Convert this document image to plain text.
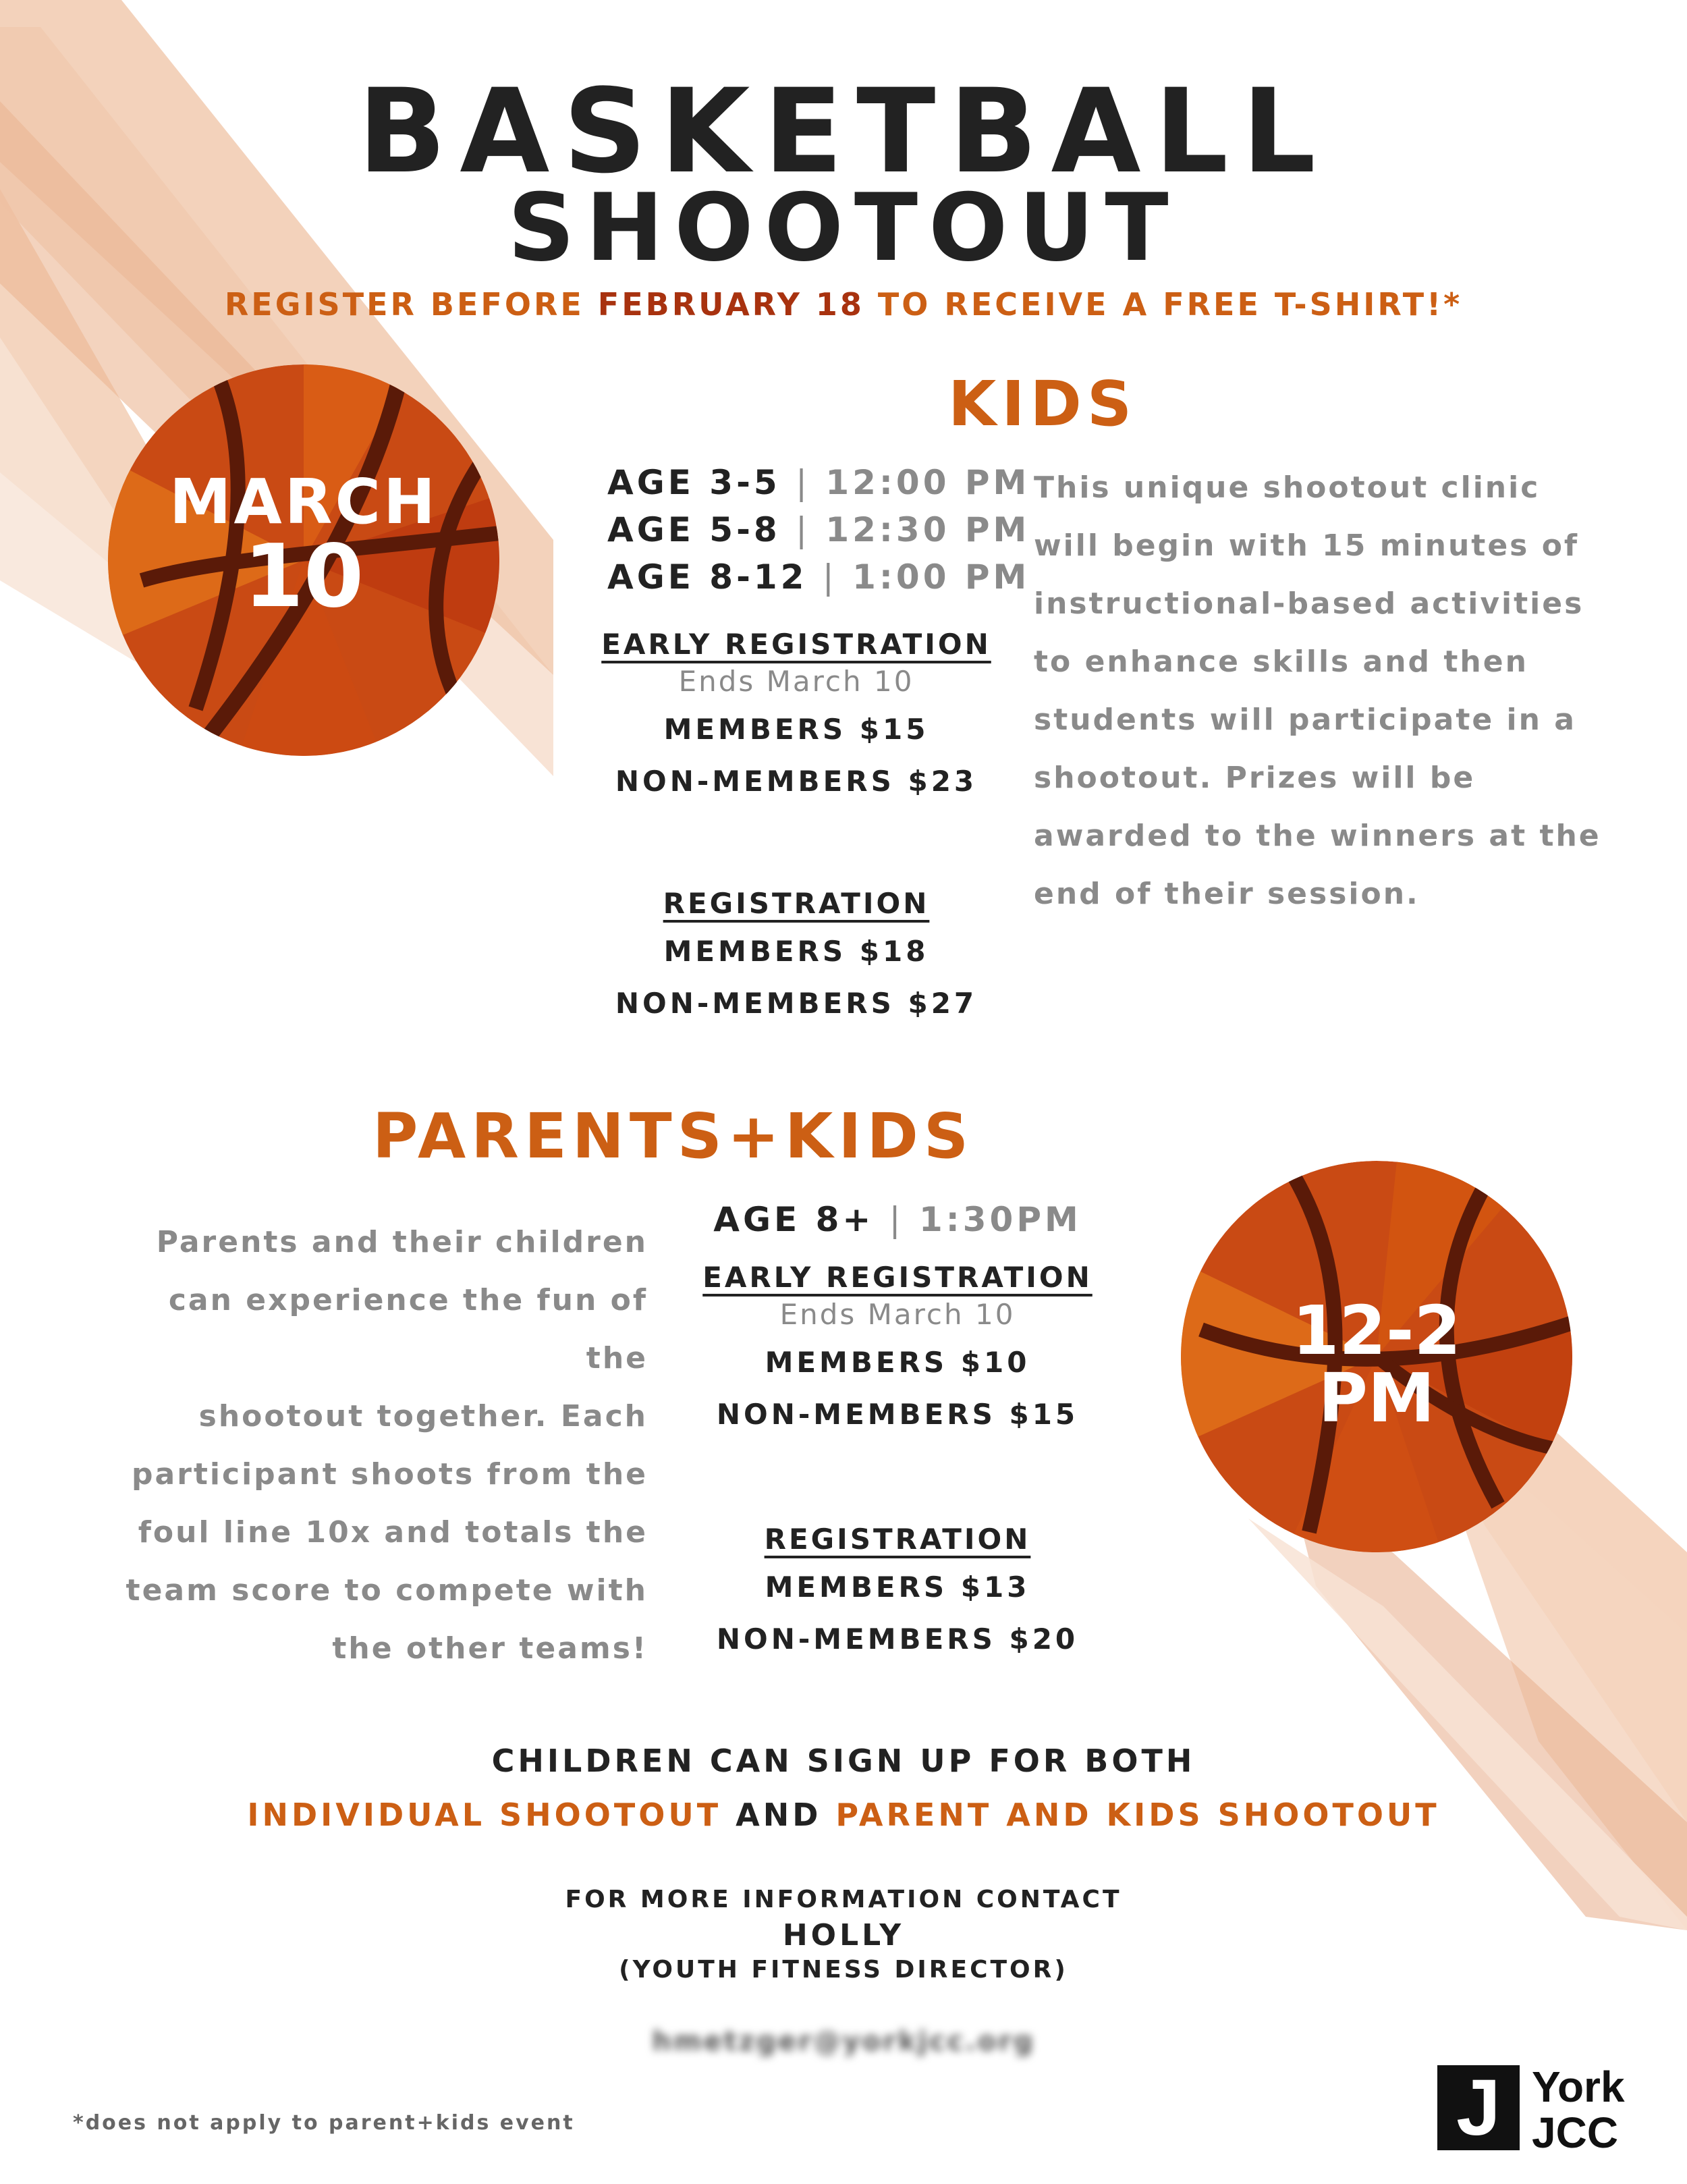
BASKETBALL
SHOOTOUT
REGISTER BEFORE FEBRUARY 18 TO RECEIVE A FREE T-SHIRT!*
MARCH
10
KIDS
AGE 3-5 | 12:00 PM
AGE 5-8 | 12:30 PM
AGE 8-12 | 1:00 PM
EARLY REGISTRATION
Ends March 10
MEMBERS $15
NON-MEMBERS $23
REGISTRATION
MEMBERS $18
NON-MEMBERS $27
This unique shootout clinic
will begin with 15 minutes of
instructional-based activities
to enhance skills and then
students will participate in a
shootout. Prizes will be
awarded to the winners at the
end of their session.
PARENTS+KIDS
Parents and their children
can experience the fun of the
shootout together. Each
participant shoots from the
foul line 10x and totals the
team score to compete with
the other teams!
AGE 8+ | 1:30PM
EARLY REGISTRATION
Ends March 10
MEMBERS $10
NON-MEMBERS $15
REGISTRATION
MEMBERS $13
NON-MEMBERS $20
12-2
PM
CHILDREN CAN SIGN UP FOR BOTH
INDIVIDUAL SHOOTOUT AND PARENT AND KIDS SHOOTOUT
FOR MORE INFORMATION CONTACT
HOLLY
(YOUTH FITNESS DIRECTOR)
hmetzger@yorkjcc.org
*does not apply to parent+kids event	J York
JCC
